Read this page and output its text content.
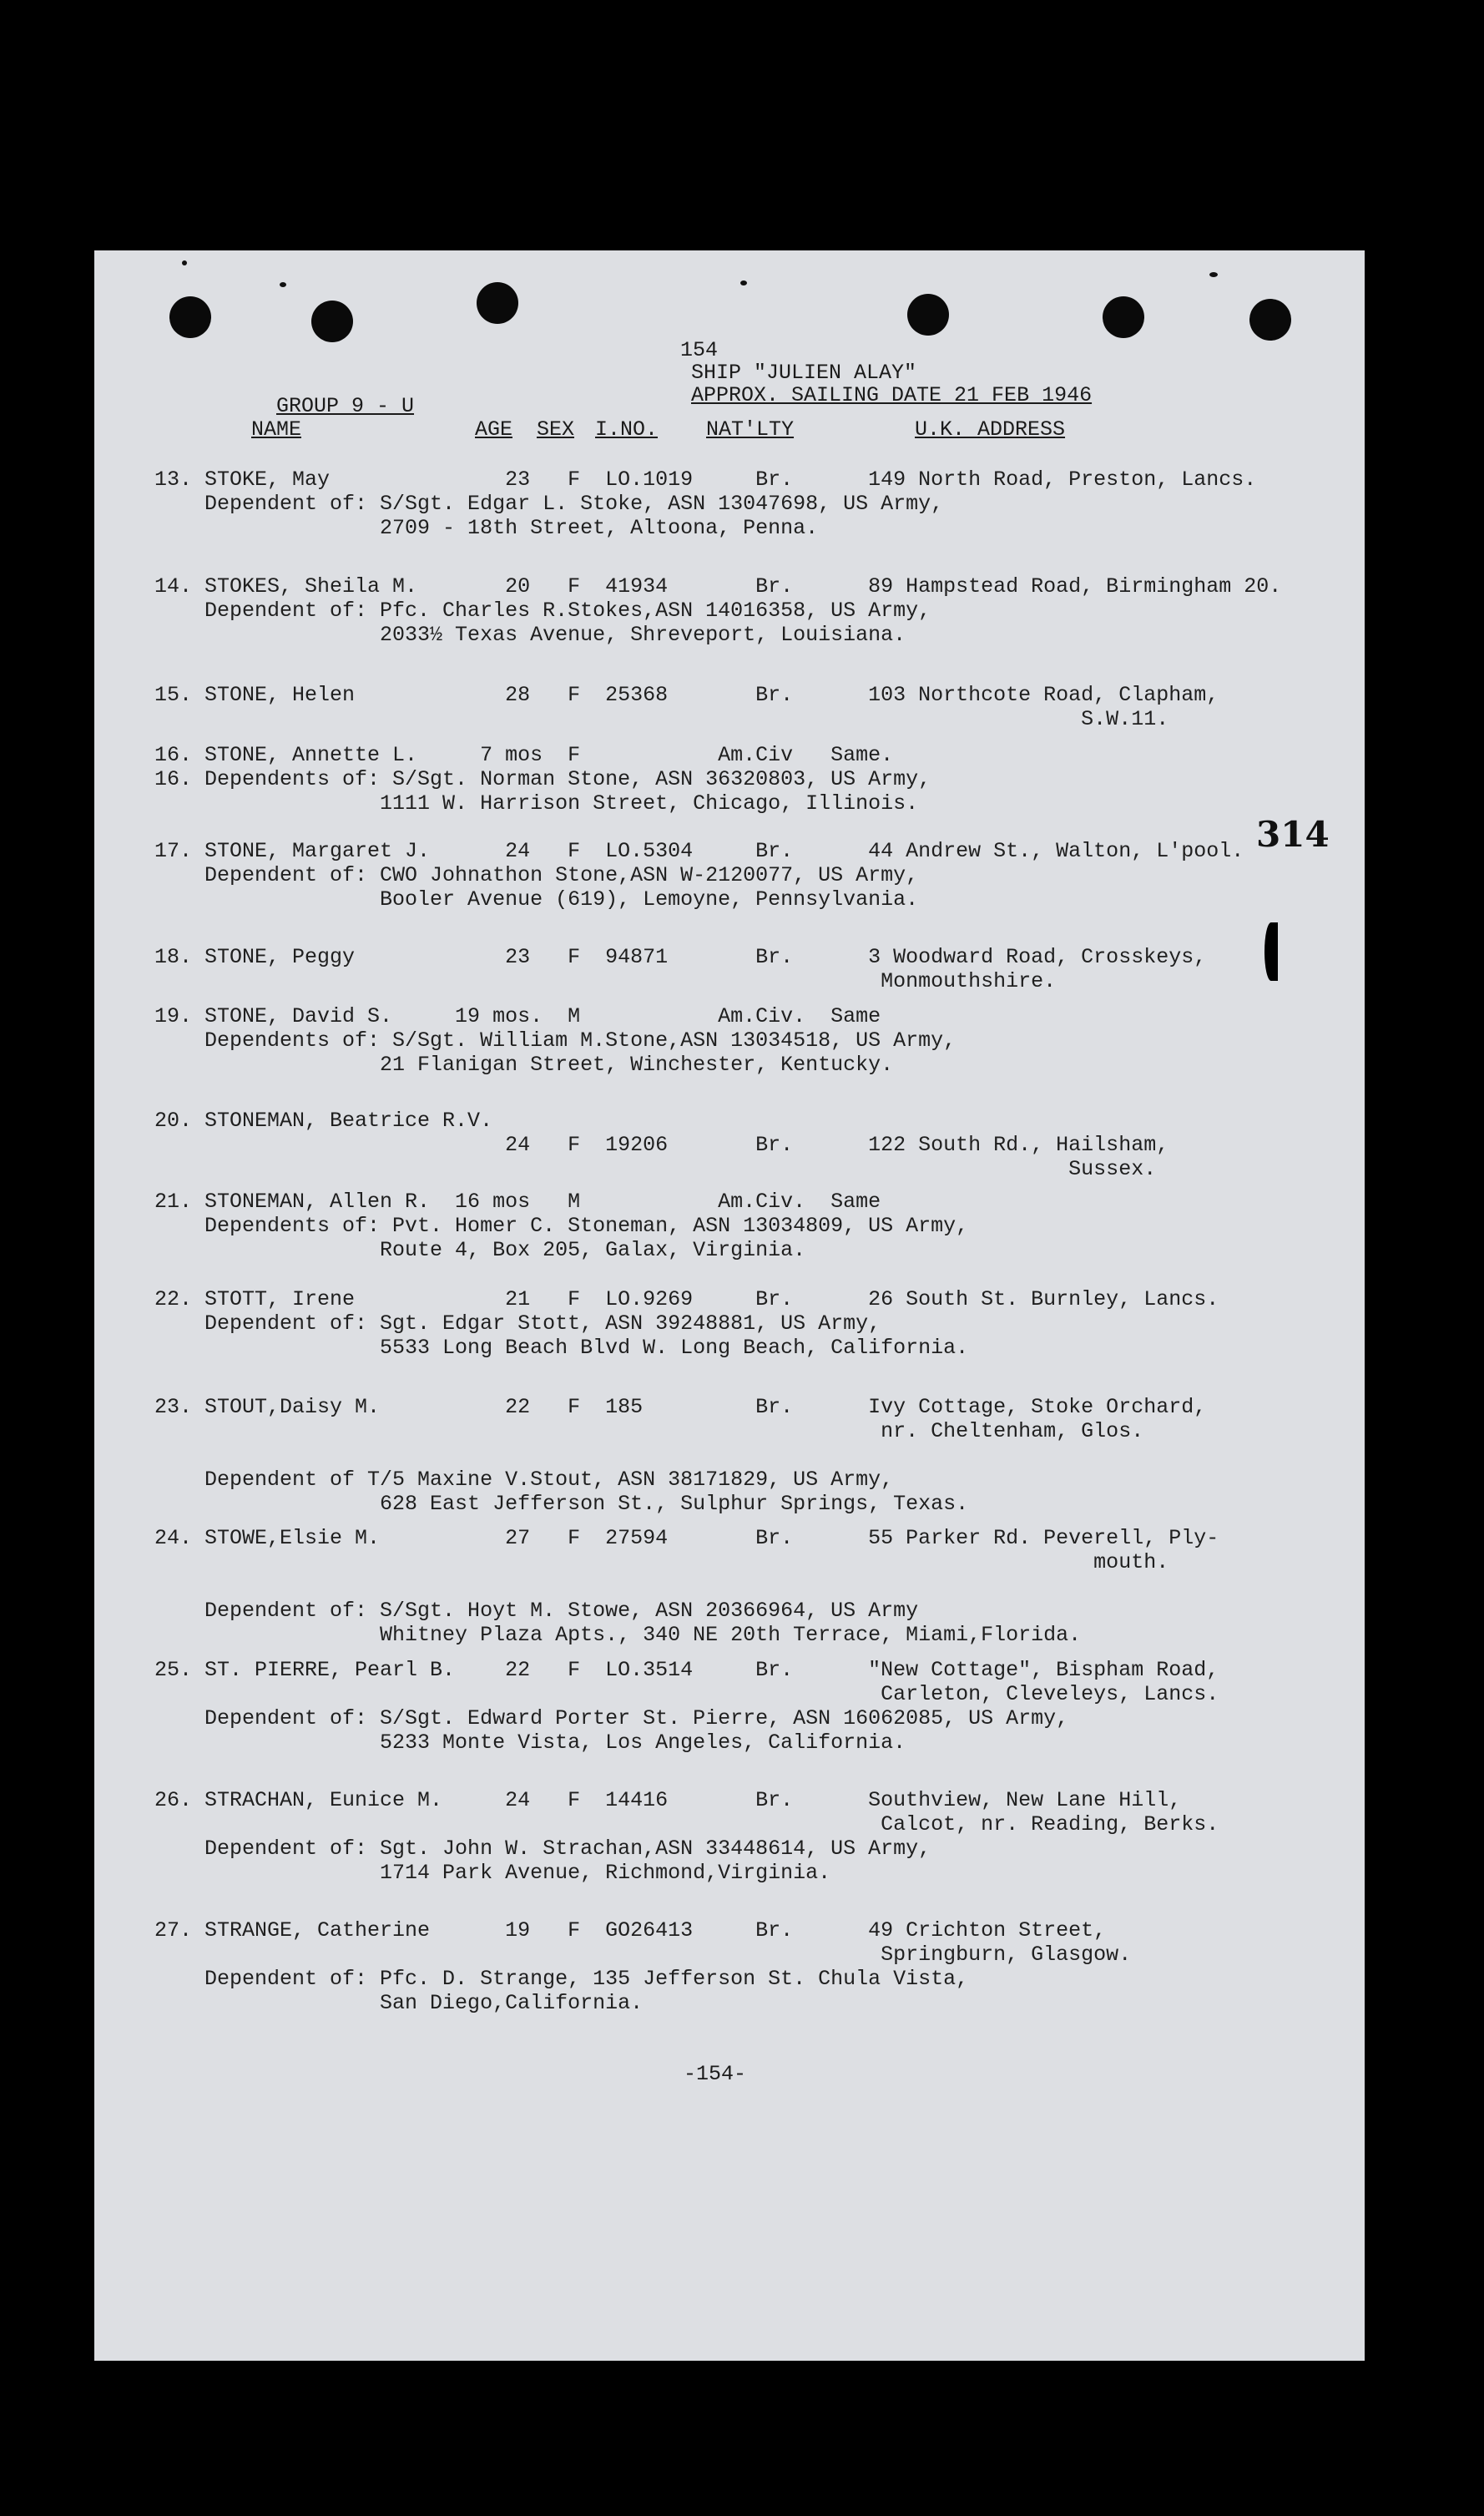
154
SHIP "JULIEN ALAY"
APPROX. SAILING DATE 21 FEB 1946
GROUP 9 - U
NAME	AGE SEX I.NO. NAT'LTY	U.K. ADDRESS
314
13. STOKE, May              23   F  LO.1019     Br.      149 North Road, Preston, Lancs.
Dependent of: S/Sgt. Edgar L. Stoke, ASN 13047698, US Army,
2709 - 18th Street, Altoona, Penna.
14. STOKES, Sheila M.       20   F  41934       Br.      89 Hampstead Road, Birmingham 20.
Dependent of: Pfc. Charles R.Stokes,ASN 14016358, US Army,
2033½ Texas Avenue, Shreveport, Louisiana.
15. STONE, Helen            28   F  25368       Br.      103 Northcote Road, Clapham,
S.W.11.
16. STONE, Annette L.     7 mos  F           Am.Civ   Same.
16. Dependents of: S/Sgt. Norman Stone, ASN 36320803, US Army,
1111 W. Harrison Street, Chicago, Illinois.
17. STONE, Margaret J.      24   F  LO.5304     Br.      44 Andrew St., Walton, L'pool.
Dependent of: CWO Johnathon Stone,ASN W-2120077, US Army,
Booler Avenue (619), Lemoyne, Pennsylvania.
18. STONE, Peggy            23   F  94871       Br.      3 Woodward Road, Crosskeys,
Monmouthshire.
19. STONE, David S.     19 mos.  M           Am.Civ.  Same
Dependents of: S/Sgt. William M.Stone,ASN 13034518, US Army,
21 Flanigan Street, Winchester, Kentucky.
20. STONEMAN, Beatrice R.V.
24   F  19206       Br.      122 South Rd., Hailsham,
Sussex.
21. STONEMAN, Allen R.  16 mos   M           Am.Civ.  Same
Dependents of: Pvt. Homer C. Stoneman, ASN 13034809, US Army,
Route 4, Box 205, Galax, Virginia.
22. STOTT, Irene            21   F  LO.9269     Br.      26 South St. Burnley, Lancs.
Dependent of: Sgt. Edgar Stott, ASN 39248881, US Army,
5533 Long Beach Blvd W. Long Beach, California.
23. STOUT,Daisy M.          22   F  185         Br.      Ivy Cottage, Stoke Orchard,
nr. Cheltenham, Glos.
Dependent of T/5 Maxine V.Stout, ASN 38171829, US Army,
628 East Jefferson St., Sulphur Springs, Texas.
24. STOWE,Elsie M.          27   F  27594       Br.      55 Parker Rd. Peverell, Ply-
mouth.
Dependent of: S/Sgt. Hoyt M. Stowe, ASN 20366964, US Army
Whitney Plaza Apts., 340 NE 20th Terrace, Miami,Florida.
25. ST. PIERRE, Pearl B.    22   F  LO.3514     Br.      "New Cottage", Bispham Road,
Carleton, Cleveleys, Lancs.
Dependent of: S/Sgt. Edward Porter St. Pierre, ASN 16062085, US Army,
5233 Monte Vista, Los Angeles, California.
26. STRACHAN, Eunice M.     24   F  14416       Br.      Southview, New Lane Hill,
Calcot, nr. Reading, Berks.
Dependent of: Sgt. John W. Strachan,ASN 33448614, US Army,
1714 Park Avenue, Richmond,Virginia.
27. STRANGE, Catherine      19   F  GO26413     Br.      49 Crichton Street,
Springburn, Glasgow.
Dependent of: Pfc. D. Strange, 135 Jefferson St. Chula Vista,
San Diego,California.
-154-
